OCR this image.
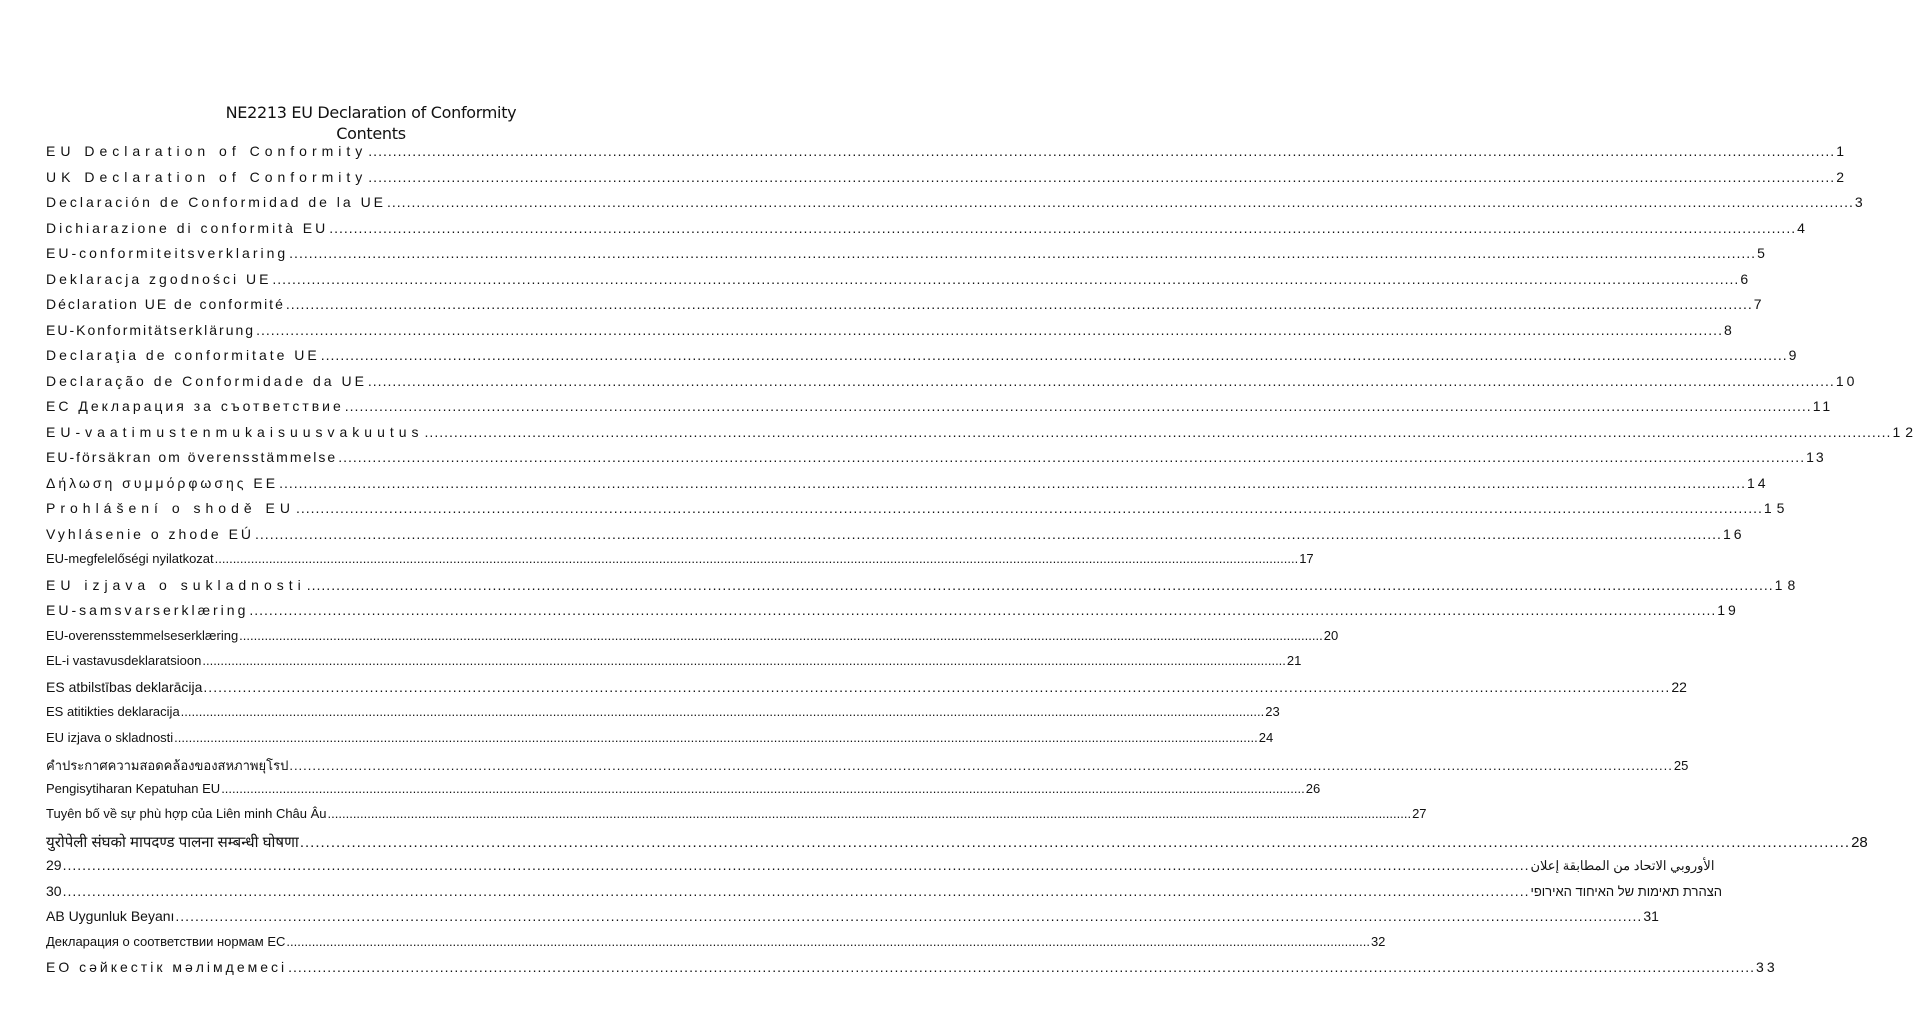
NE2213 EU Declaration of Conformity
Contents
EU Declaration of Conformity ............................................................................................................................................................................................................................................................................................................ 1
UK Declaration of Conformity ............................................................................................................................................................................................................................................................................................................ 2
Declaración de Conformidad de la UE ............................................................................................................................................................................................................................................................................................................ 3
Dichiarazione di conformità EU ............................................................................................................................................................................................................................................................................................................ 4
EU-conformiteitsverklaring ............................................................................................................................................................................................................................................................................................................ 5
Deklaracja zgodności UE ............................................................................................................................................................................................................................................................................................................ 6
Déclaration UE de conformité ............................................................................................................................................................................................................................................................................................................ 7
EU-Konformitätserklärung ............................................................................................................................................................................................................................................................................................................ 8
Declaraţia de conformitate UE ............................................................................................................................................................................................................................................................................................................ 9
Declaração de Conformidade da UE ............................................................................................................................................................................................................................................................................................................ 10
ЕС Декларация за съответствие ............................................................................................................................................................................................................................................................................................................ 11
EU-vaatimustenmukaisuusvakuutus ............................................................................................................................................................................................................................................................................................................ 12
EU-försäkran om överensstämmelse ............................................................................................................................................................................................................................................................................................................ 13
Δήλωση συμμόρφωσης ΕΕ ............................................................................................................................................................................................................................................................................................................ 14
Prohlášení o shodě EU ............................................................................................................................................................................................................................................................................................................ 15
Vyhlásenie o zhode EÚ ............................................................................................................................................................................................................................................................................................................ 16
EU-megfelelőségi nyilatkozat ............................................................................................................................................................................................................................................................................................................ 17
EU izjava o sukladnosti ............................................................................................................................................................................................................................................................................................................ 18
EU-samsvarserklæring ............................................................................................................................................................................................................................................................................................................ 19
EU-overensstemmelseserklæring ............................................................................................................................................................................................................................................................................................................ 20
EL-i vastavusdeklaratsioon ............................................................................................................................................................................................................................................................................................................ 21
ES atbilstības deklarācija ............................................................................................................................................................................................................................................................................................................ 22
ES atitikties deklaracija ............................................................................................................................................................................................................................................................................................................ 23
EU izjava o skladnosti ............................................................................................................................................................................................................................................................................................................ 24
คำประกาศความสอดคล้องของสหภาพยุโรป ............................................................................................................................................................................................................................................................................................................ 25
Pengisytiharan Kepatuhan EU ............................................................................................................................................................................................................................................................................................................ 26
Tuyên bố về sự phù hợp của Liên minh Châu Âu ............................................................................................................................................................................................................................................................................................................ 27
युरोपेली संघको मापदण्ड पालना सम्बन्धी घोषणा ............................................................................................................................................................................................................................................................................................................ 28
29 ............................................................................................................................................................................................................................................................................................................ الأوروبي الاتحاد من المطابقة إعلان
30 ............................................................................................................................................................................................................................................................................................................ הצהרת תאימות של האיחוד האירופי
AB Uygunluk Beyanı ............................................................................................................................................................................................................................................................................................................ 31
Декларация о соответствии нормам ЕС ............................................................................................................................................................................................................................................................................................................ 32
ЕО сәйкестік мәлімдемесі ............................................................................................................................................................................................................................................................................................................ 33
